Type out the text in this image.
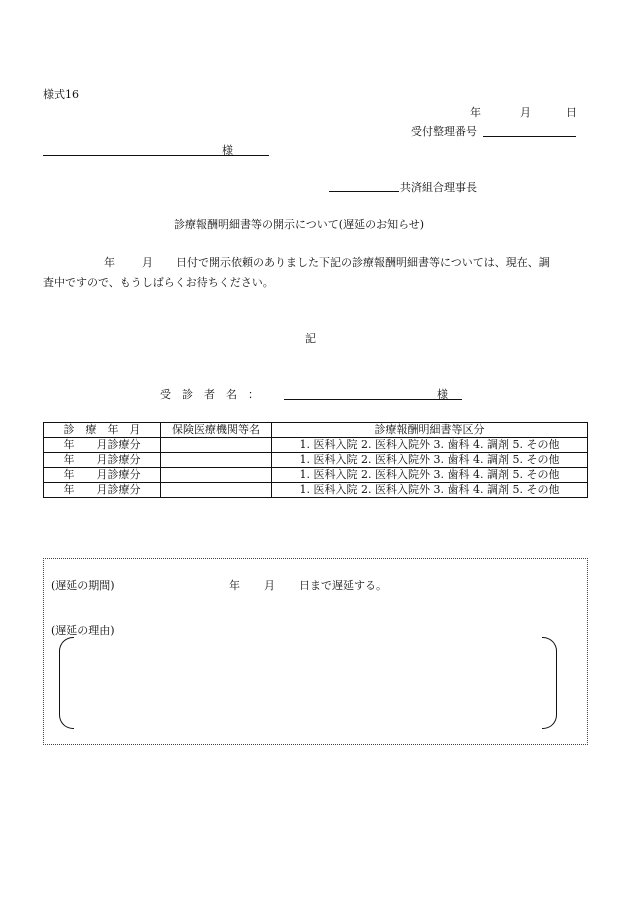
様式16
年	月	日
受付整理番号
様
共済組合理事長
診療報酬明細書等の開示について(遅延のお知らせ)
年 月 日付で開示依頼のありました下記の診療報酬明細書等については、現在、調
査中ですので、もうしばらくお待ちください。
記
受　診　者　名　：	様
診　療　年　月	保険医療機関等名	診療報酬明細書等区分
年　　月診療分		1. 医科入院 2. 医科入院外 3. 歯科 4. 調剤 5. その他
年　　月診療分		1. 医科入院 2. 医科入院外 3. 歯科 4. 調剤 5. その他
年　　月診療分		1. 医科入院 2. 医科入院外 3. 歯科 4. 調剤 5. その他
年　　月診療分		1. 医科入院 2. 医科入院外 3. 歯科 4. 調剤 5. その他
(遅延の期間)	年 月 日まで遅延する。
(遅延の理由)
